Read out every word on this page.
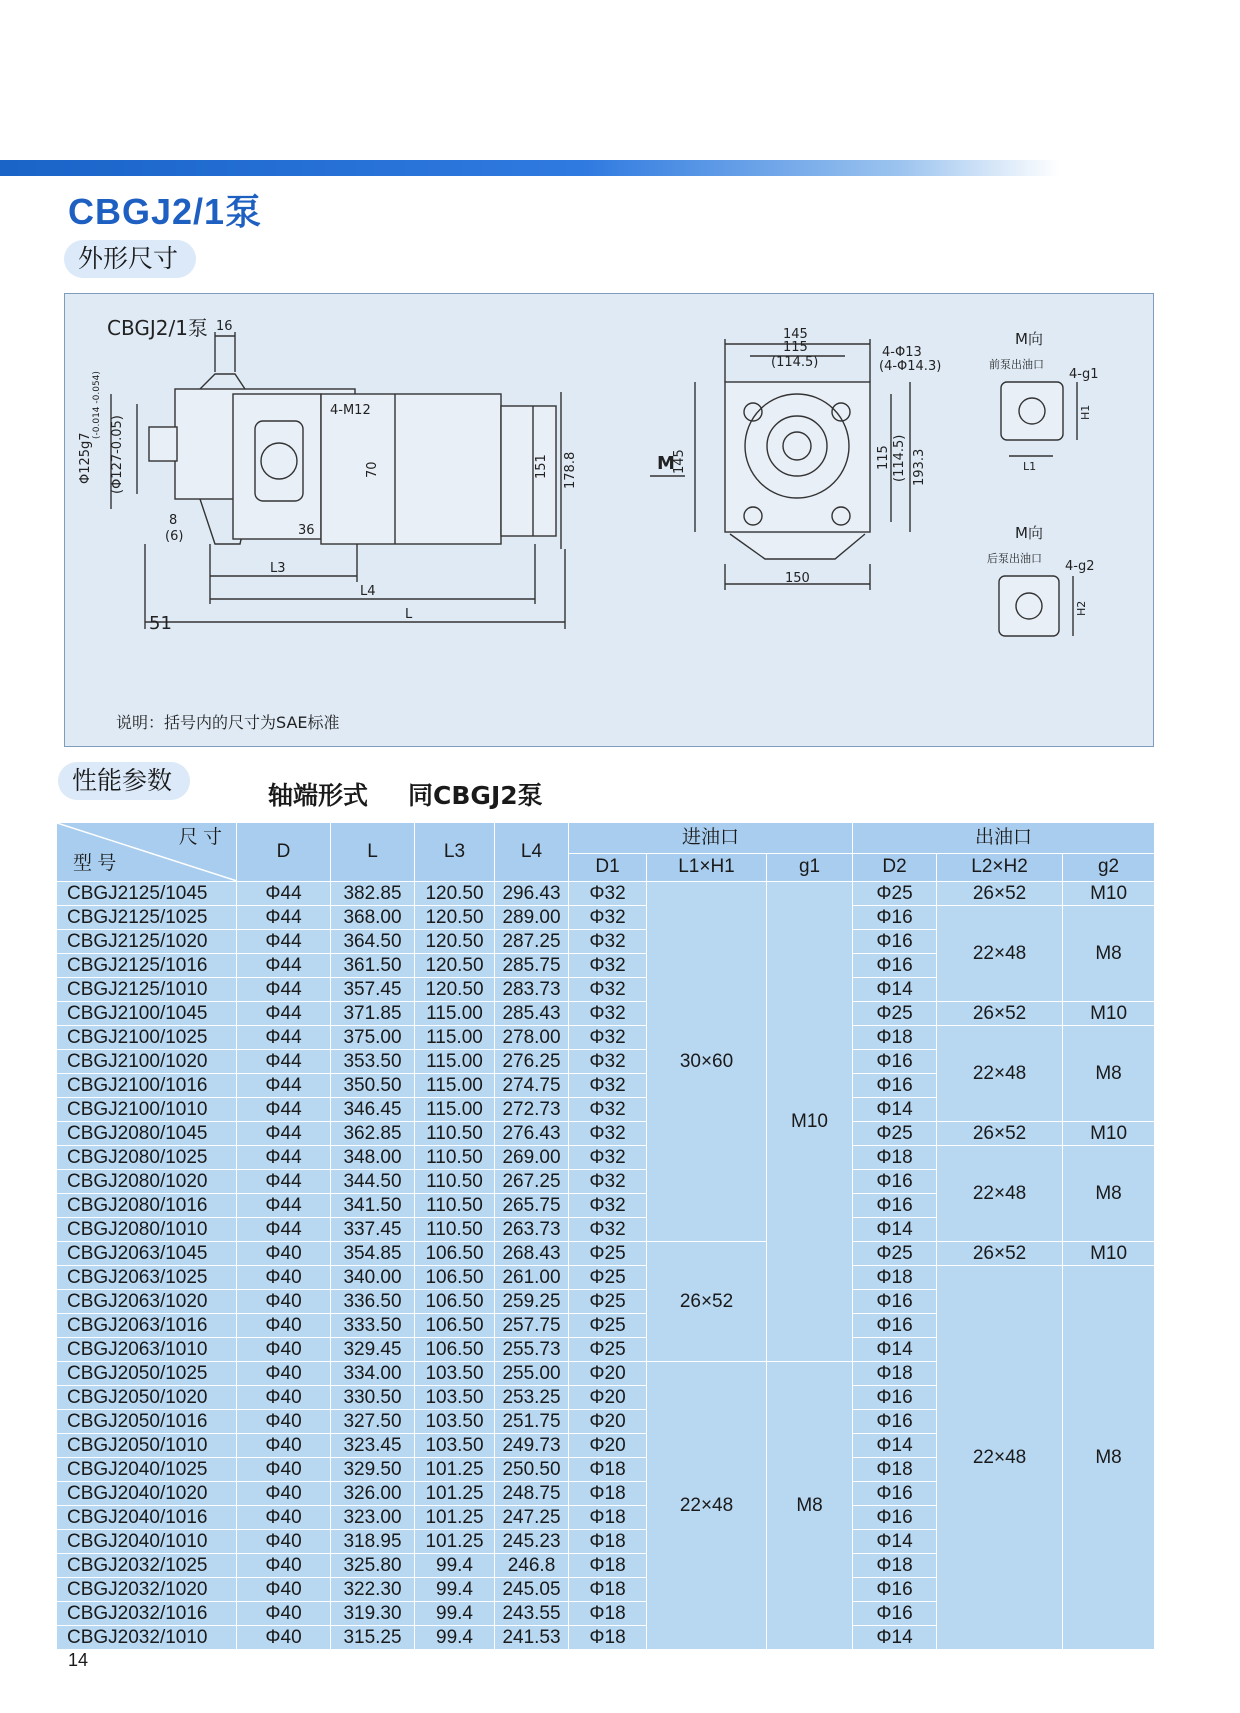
CBGJ2/1泵
外形尺寸
16
Φ125g7
(-0.014 -0.054)
(Φ127-0.05)
8
(6)
4-M12
70
36
151 178.8
L3
L4
L
M
145
145
115
(114.5)
4-Φ13
(4-Φ14.3)
115 (114.5) 193.3
150
M向
前泵出油口
4-g1
H1
L1
M向
后泵出油口
4-g2
H2
51
CBGJ2/1泵
说明：括号内的尺寸为SAE标准
性能参数
轴端形式 同CBGJ2泵
尺 寸
型 号	D	L	L3	L4	进油口			出油口		
					D1	L1×H1	g1	D2	L2×H2	g2
CBGJ2125/1045	Φ44	382.85	120.50	296.43	Φ32	30×60	M10	Φ25	26×52	M10
CBGJ2125/1025	Φ44	368.00	120.50	289.00	Φ32			Φ16	22×48	M8
CBGJ2125/1020	Φ44	364.50	120.50	287.25	Φ32			Φ16		
CBGJ2125/1016	Φ44	361.50	120.50	285.75	Φ32			Φ16		
CBGJ2125/1010	Φ44	357.45	120.50	283.73	Φ32			Φ14		
CBGJ2100/1045	Φ44	371.85	115.00	285.43	Φ32			Φ25	26×52	M10
CBGJ2100/1025	Φ44	375.00	115.00	278.00	Φ32			Φ18	22×48	M8
CBGJ2100/1020	Φ44	353.50	115.00	276.25	Φ32			Φ16		
CBGJ2100/1016	Φ44	350.50	115.00	274.75	Φ32			Φ16		
CBGJ2100/1010	Φ44	346.45	115.00	272.73	Φ32			Φ14		
CBGJ2080/1045	Φ44	362.85	110.50	276.43	Φ32			Φ25	26×52	M10
CBGJ2080/1025	Φ44	348.00	110.50	269.00	Φ32			Φ18	22×48	M8
CBGJ2080/1020	Φ44	344.50	110.50	267.25	Φ32			Φ16		
CBGJ2080/1016	Φ44	341.50	110.50	265.75	Φ32			Φ16		
CBGJ2080/1010	Φ44	337.45	110.50	263.73	Φ32			Φ14		
CBGJ2063/1045	Φ40	354.85	106.50	268.43	Φ25	26×52		Φ25	26×52	M10
CBGJ2063/1025	Φ40	340.00	106.50	261.00	Φ25			Φ18	22×48	M8
CBGJ2063/1020	Φ40	336.50	106.50	259.25	Φ25			Φ16		
CBGJ2063/1016	Φ40	333.50	106.50	257.75	Φ25			Φ16		
CBGJ2063/1010	Φ40	329.45	106.50	255.73	Φ25			Φ14		
CBGJ2050/1025	Φ40	334.00	103.50	255.00	Φ20	22×48	M8	Φ18		
CBGJ2050/1020	Φ40	330.50	103.50	253.25	Φ20			Φ16		
CBGJ2050/1016	Φ40	327.50	103.50	251.75	Φ20			Φ16		
CBGJ2050/1010	Φ40	323.45	103.50	249.73	Φ20			Φ14		
CBGJ2040/1025	Φ40	329.50	101.25	250.50	Φ18			Φ18		
CBGJ2040/1020	Φ40	326.00	101.25	248.75	Φ18			Φ16		
CBGJ2040/1016	Φ40	323.00	101.25	247.25	Φ18			Φ16		
CBGJ2040/1010	Φ40	318.95	101.25	245.23	Φ18			Φ14		
CBGJ2032/1025	Φ40	325.80	99.4	246.8	Φ18			Φ18		
CBGJ2032/1020	Φ40	322.30	99.4	245.05	Φ18			Φ16		
CBGJ2032/1016	Φ40	319.30	99.4	243.55	Φ18			Φ16		
CBGJ2032/1010	Φ40	315.25	99.4	241.53	Φ18			Φ14		
14
